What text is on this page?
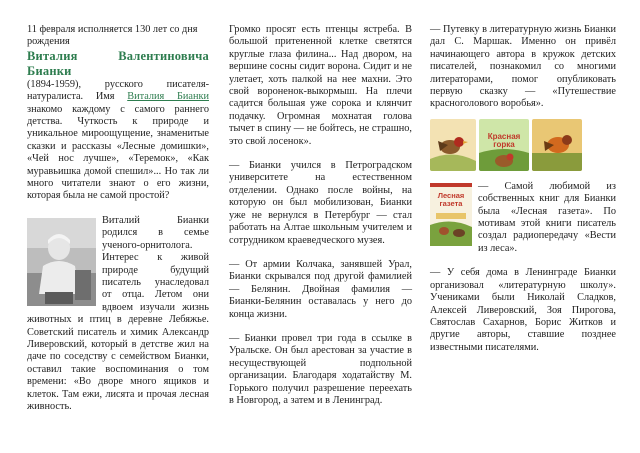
11 февраля исполняется 130 лет со дня рождения

Виталия Валентиновича Бианки

(1894-1959), русского писателя-натуралиста. Имя Виталия Бианки знакомо каждому с самого раннего детства. Чуткость к природе и уникальное мироощущение, знаменитые сказки и рассказы «Лесные домишки», «Чей нос лучше», «Теремок», «Как муравьишка домой спешил»... Но так ли много читатели знают о его жизни, которая была не самой простой?

Виталий Бианки родился в семье ученого-орнитолога. Интерес к живой природе будущий писатель унаследовал от отца. Летом они вдвоем изучали жизнь животных и птиц в деревне Лебяжье. Советский писатель и химик Александр Ливеровский, который в детстве жил на даче по соседству с семейством Бианки, оставил такие воспоминания о том времени: «Во дворе много ящиков и клеток. Там ежи, лисята и прочая лесная живность.

Громко просят есть птенцы ястреба. В большой притененной клетке светятся круглые глаза филина... Над двором, на вершине сосны сидит ворона. Сидит и не улетает, хоть палкой на нее махни. Это свой вороненок-выкормыш. На плечи садится большая уже сорока и клянчит подачку. Огромная мохнатая голова тычет в спину — не бойтесь, не страшно, это свой лосенок».

— Бианки учился в Петроградском университете на естественном отделении. Однако после войны, на которую он был мобилизован, Бианки уже не вернулся в Петербург — стал работать на Алтае школьным учителем и сотрудником краеведческого музея.

— От армии Колчака, занявшей Урал, Бианки скрывался под другой фамилией — Белянин. Двойная фамилия — Бианки-Белянин оставалась у него до конца жизни.

— Бианки провел три года в ссылке в Уральске. Он был арестован за участие в несуществующей подпольной организации. Благодаря ходатайству М. Горького получил разрешение переехать в Новгород, а затем и в Ленинград.

— Путевку в литературную жизнь Бианки дал С. Маршак. Именно он привёл начинающего автора в кружок детских писателей, познакомил со многими литераторами, помог опубликовать первую сказку — «Путешествие красноголового воробья».

Красная горка
Лесная газета

— Самой любимой из собственных книг для Бианки была «Лесная газета». По мотивам этой книги писатель создал радиопередачу «Вести из леса».

— У себя дома в Ленинграде Бианки организовал «литературную школу». Учениками были Николай Сладков, Алексей Ливеровский, Зоя Пирогова, Святослав Сахарнов, Борис Житков и другие авторы, ставшие позднее известными писателями.
